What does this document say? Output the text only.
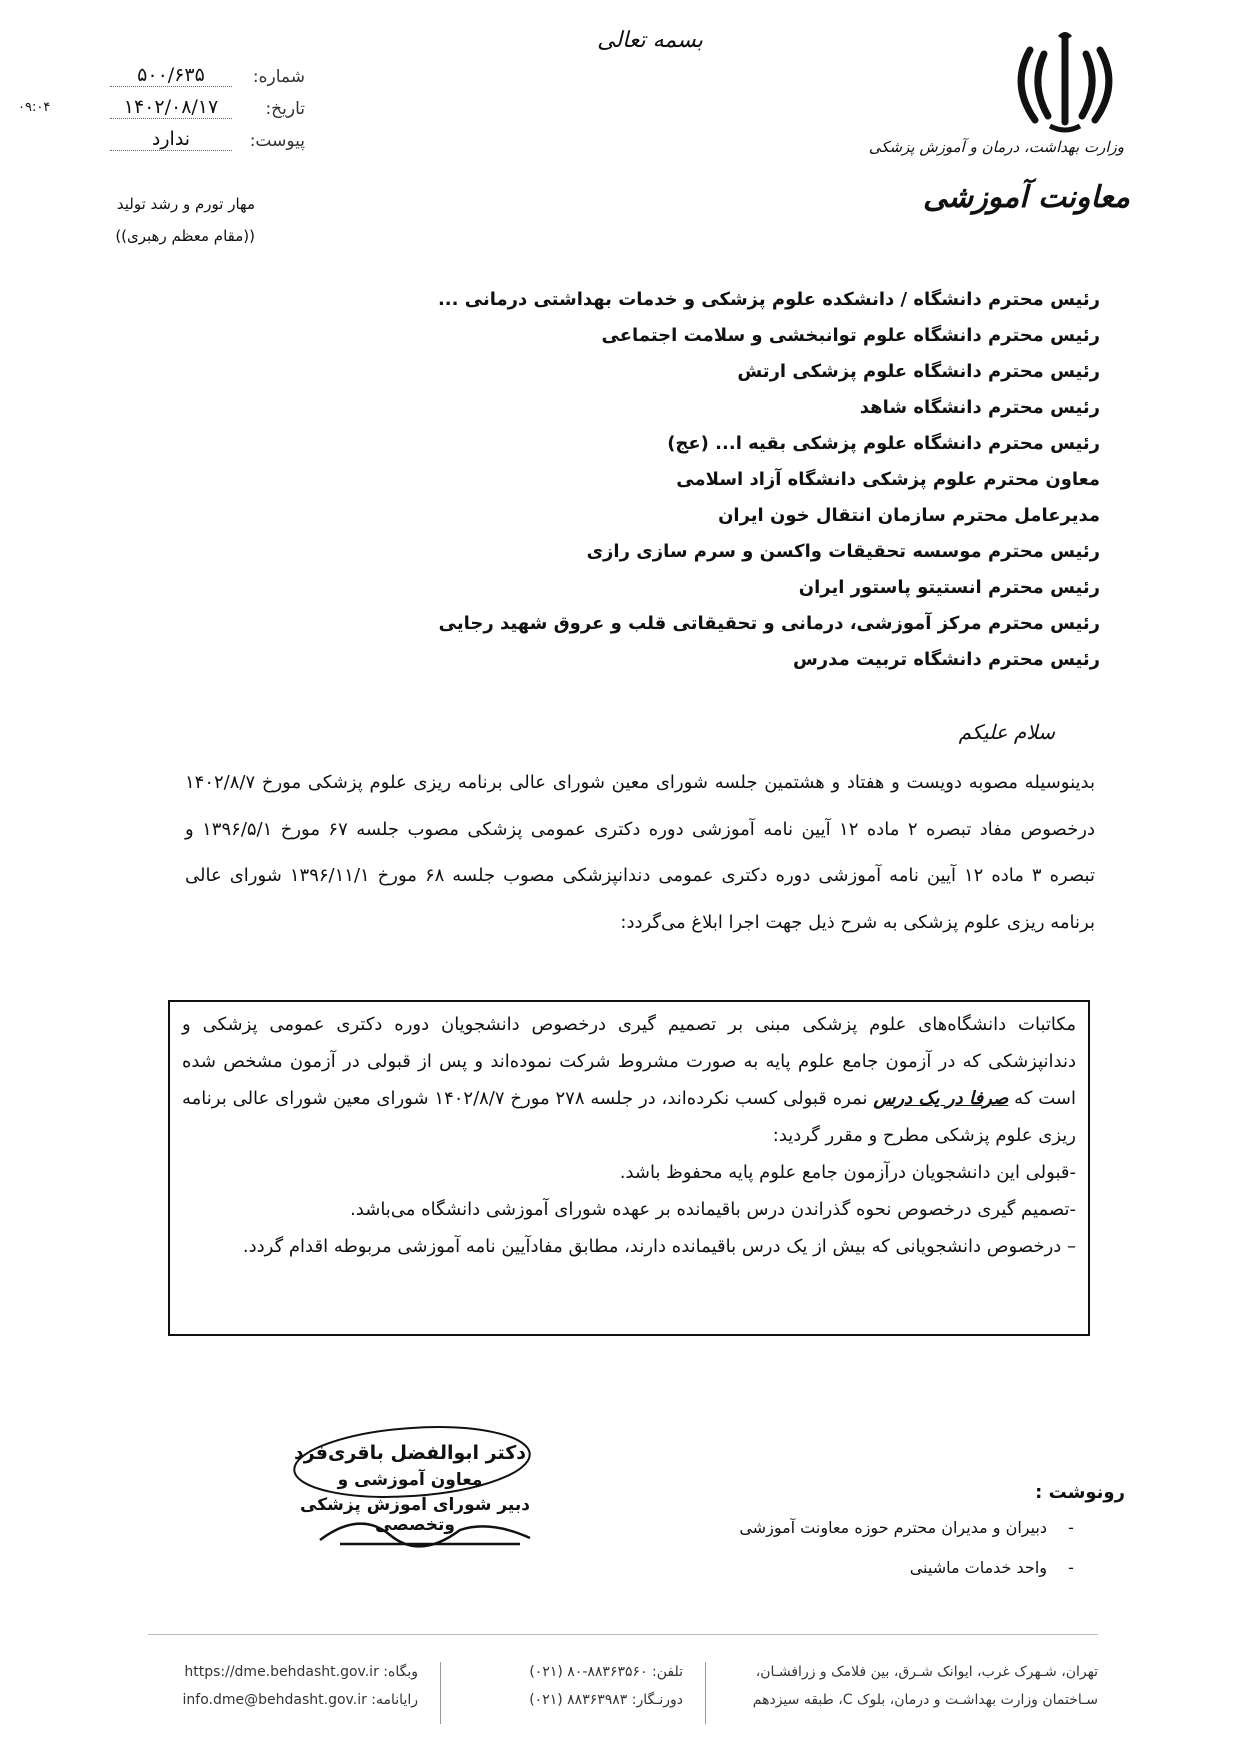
بسمه تعالی
وزارت بهداشت، درمان و آموزش پزشکی
معاونت آموزشی
شماره:
۵۰۰/۶۳۵
تاریخ:
۱۴۰۲/۰۸/۱۷
پیوست:
ندارد
۰۹:۰۴
مهار تورم و رشد تولید
((مقام معظم رهبری))
رئیس محترم دانشگاه / دانشکده علوم پزشکی و خدمات بهداشتی درمانی ...
رئیس محترم دانشگاه علوم توانبخشی و سلامت اجتماعی
رئیس محترم دانشگاه علوم پزشکی ارتش
رئیس محترم دانشگاه شاهد
رئیس محترم دانشگاه علوم پزشکی بقیه ا... (عج)
معاون محترم علوم پزشکی دانشگاه آزاد اسلامی
مدیرعامل محترم سازمان انتقال خون ایران
رئیس محترم موسسه تحقیقات واکسن و سرم سازی رازی
رئیس محترم انستیتو پاستور ایران
رئیس محترم مرکز آموزشی، درمانی و تحقیقاتی قلب و عروق شهید رجایی
رئیس محترم دانشگاه تربیت مدرس
سلام علیکم
بدینوسیله مصوبه دویست و هفتاد و هشتمین جلسه شورای معین شورای عالی برنامه ریزی علوم پزشکی مورخ ۱۴۰۲/۸/۷ درخصوص مفاد تبصره ۲ ماده ۱۲ آیین نامه آموزشی دوره دکتری عمومی پزشکی مصوب جلسه ۶۷ مورخ ۱۳۹۶/۵/۱ و تبصره ۳ ماده ۱۲ آیین نامه آموزشی دوره دکتری عمومی دندانپزشکی مصوب جلسه ۶۸ مورخ ۱۳۹۶/۱۱/۱ شورای عالی برنامه ریزی علوم پزشکی به شرح ذیل جهت اجرا ابلاغ می‌گردد:

مکاتبات دانشگاه‌های علوم پزشکی مبنی بر تصمیم گیری درخصوص دانشجویان دوره دکتری عمومی پزشکی و دندانپزشکی که در آزمون جامع علوم پایه به صورت مشروط شرکت نموده‌اند و پس از قبولی در آزمون مشخص شده است که صرفا در یک درس نمره قبولی کسب نکرده‌اند، در جلسه ۲۷۸ مورخ ۱۴۰۲/۸/۷ شورای معین شورای عالی برنامه ریزی علوم پزشکی مطرح و مقرر گردید:

-قبولی این دانشجویان درآزمون جامع علوم پایه محفوظ باشد.

-تصمیم گیری درخصوص نحوه گذراندن درس باقیمانده بر عهده شورای آموزشی دانشگاه می‌باشد.

– درخصوص دانشجویانی که بیش از یک درس باقیمانده دارند، مطابق مفادآیین نامه آموزشی مربوطه اقدام گردد.

دکتر ابوالفضل باقری‌فرد
معاون آموزشی و
دبیر شورای آموزش پزشکی وتخصصی
رونوشت :
-
دبیران و مدیران محترم حوزه معاونت آموزشی
-
واحد خدمات ماشینی
تهران، شـهرک غرب، ایوانک شـرق، بین فلامک و زرافشـان،
سـاختمان وزارت بهداشـت و درمان، بلوک C، طبقه سیزدهم
تلفن: ۸۸۳۶۳۵۶۰-۸۰ (۰۲۱)
دورنـگار: ۸۸۳۶۳۹۸۳ (۰۲۱)
وبگاه: https://dme.behdasht.gov.ir
رایانامه: info.dme@behdasht.gov.ir
